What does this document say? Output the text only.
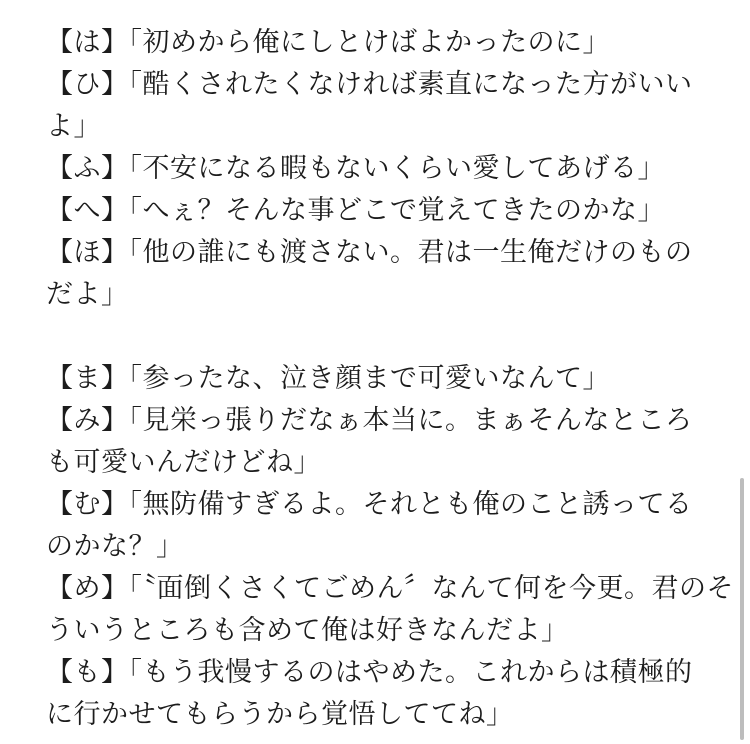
【は】「初めから俺にしとけばよかったのに」
【ひ】「酷くされたくなければ素直になった方がいい
よ」
【ふ】「不安になる暇もないくらい愛してあげる」
【へ】「へぇ？そんな事どこで覚えてきたのかな」
【ほ】「他の誰にも渡さない。君は一生俺だけのもの
だよ」
【ま】「参ったな、泣き顔まで可愛いなんて」
【み】「見栄っ張りだなぁ本当に。まぁそんなところ
も可愛いんだけどね」
【む】「無防備すぎるよ。それとも俺のこと誘ってる
のかな？」
【め】「〝面倒くさくてごめん〞なんて何を今更。君のそ
ういうところも含めて俺は好きなんだよ」
【も】「もう我慢するのはやめた。これからは積極的
に行かせてもらうから覚悟しててね」
